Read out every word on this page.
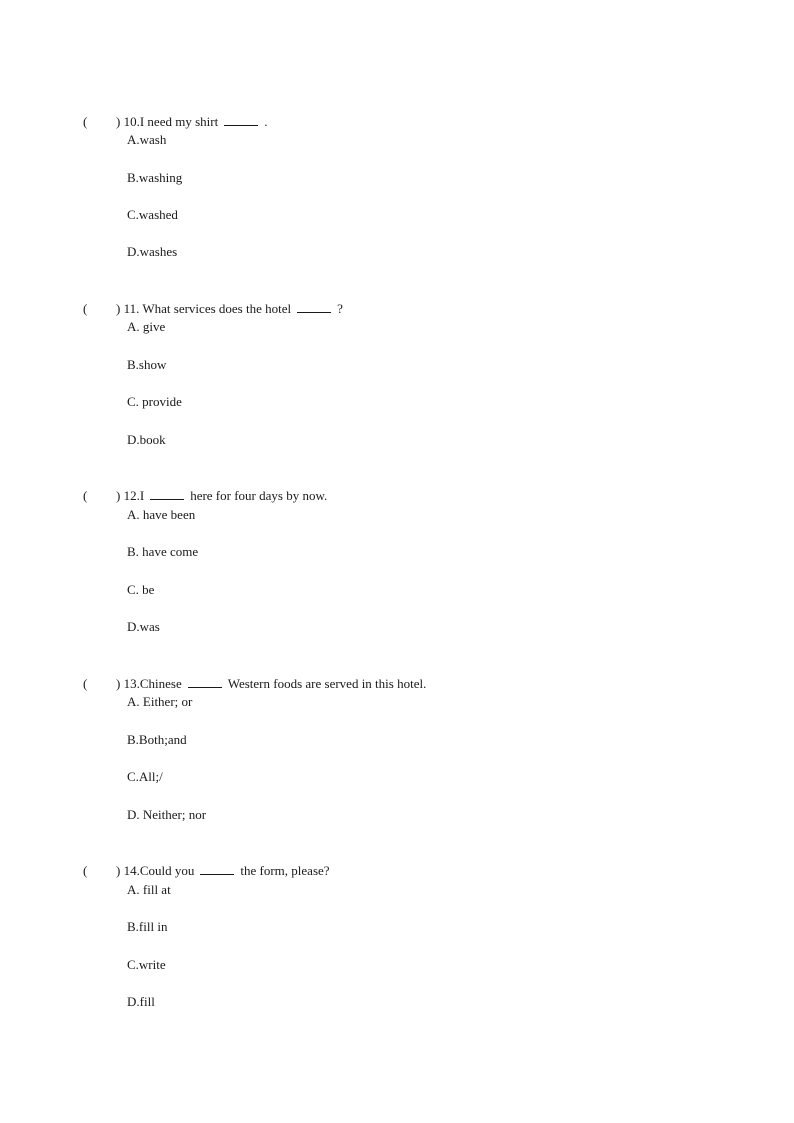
( ) 10.I need my shirt	.

A.wash
B.washing
C.washed
D.washes

( ) 11. What services does the hotel	?

A. give
B.show
C. provide
D.book

( ) 12.I	here for four days by now.

A. have been
B. have come
C. be
D.was

( ) 13.Chinese	Western foods are served in this hotel.

A. Either; or
B.Both;and
C.All;/
D. Neither; nor

( ) 14.Could you	the form, please?

A. fill at
B.fill in
C.write
D.fill
